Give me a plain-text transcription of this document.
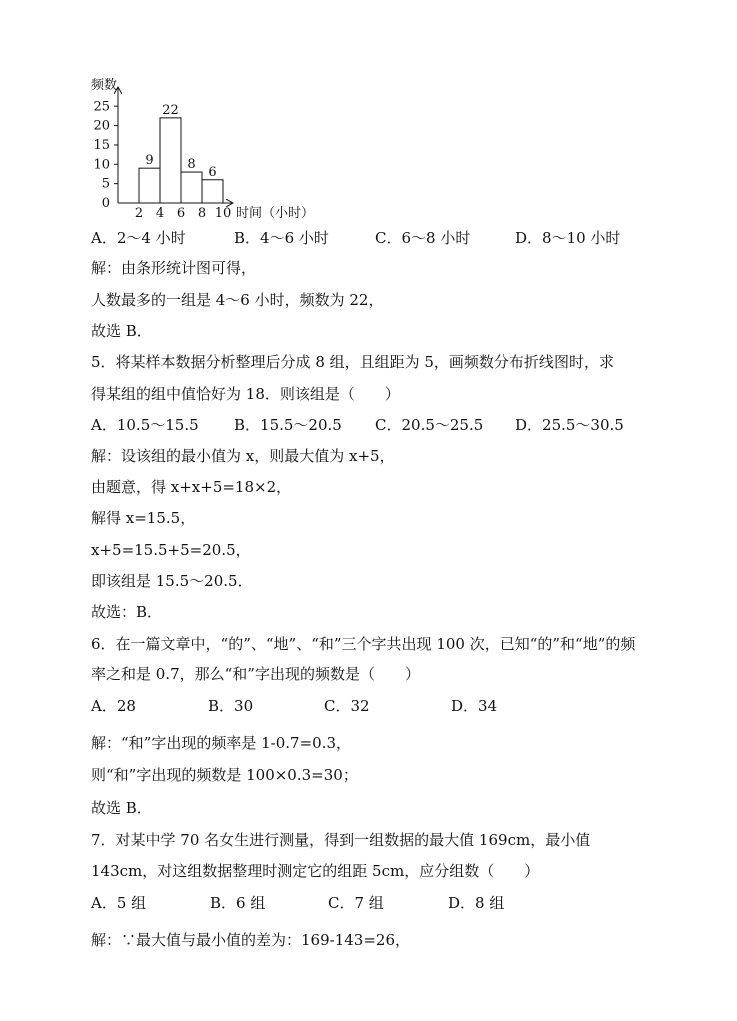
频数
时间（小时）
0
5
10
15
20
25
2 4 6 8 10
9
22
8
6
A．2～4 小时	B．4～6 小时	C．6～8 小时	D．8～10 小时
解：由条形统计图可得，
人数最多的一组是 4～6 小时，频数为 22，
故选 B．
5．将某样本数据分析整理后分成 8 组，且组距为 5，画频数分布折线图时，求
得某组的组中值恰好为 18．则该组是（　　）
A．10.5～15.5 B．15.5～20.5 C．20.5～25.5 D．25.5～30.5
解：设该组的最小值为 x，则最大值为 x+5，
由题意，得 x+x+5=18×2，
解得 x=15.5，
x+5=15.5+5=20.5，
即该组是 15.5～20.5．
故选：B．
6．在一篇文章中，“的”、“地”、“和”三个字共出现 100 次，已知“的”和“地”的频
率之和是 0.7，那么“和”字出现的频数是（　　）
A．28	B．30	C．32	D．34
解：“和”字出现的频率是 1-0.7=0.3，
则“和”字出现的频数是 100×0.3=30；
故选 B．
7．对某中学 70 名女生进行测量，得到一组数据的最大值 169cm，最小值
143cm，对这组数据整理时测定它的组距 5cm，应分组数（　　）
A．5 组	B．6 组	C．7 组	D．8 组
解：∵最大值与最小值的差为：169-143=26，
